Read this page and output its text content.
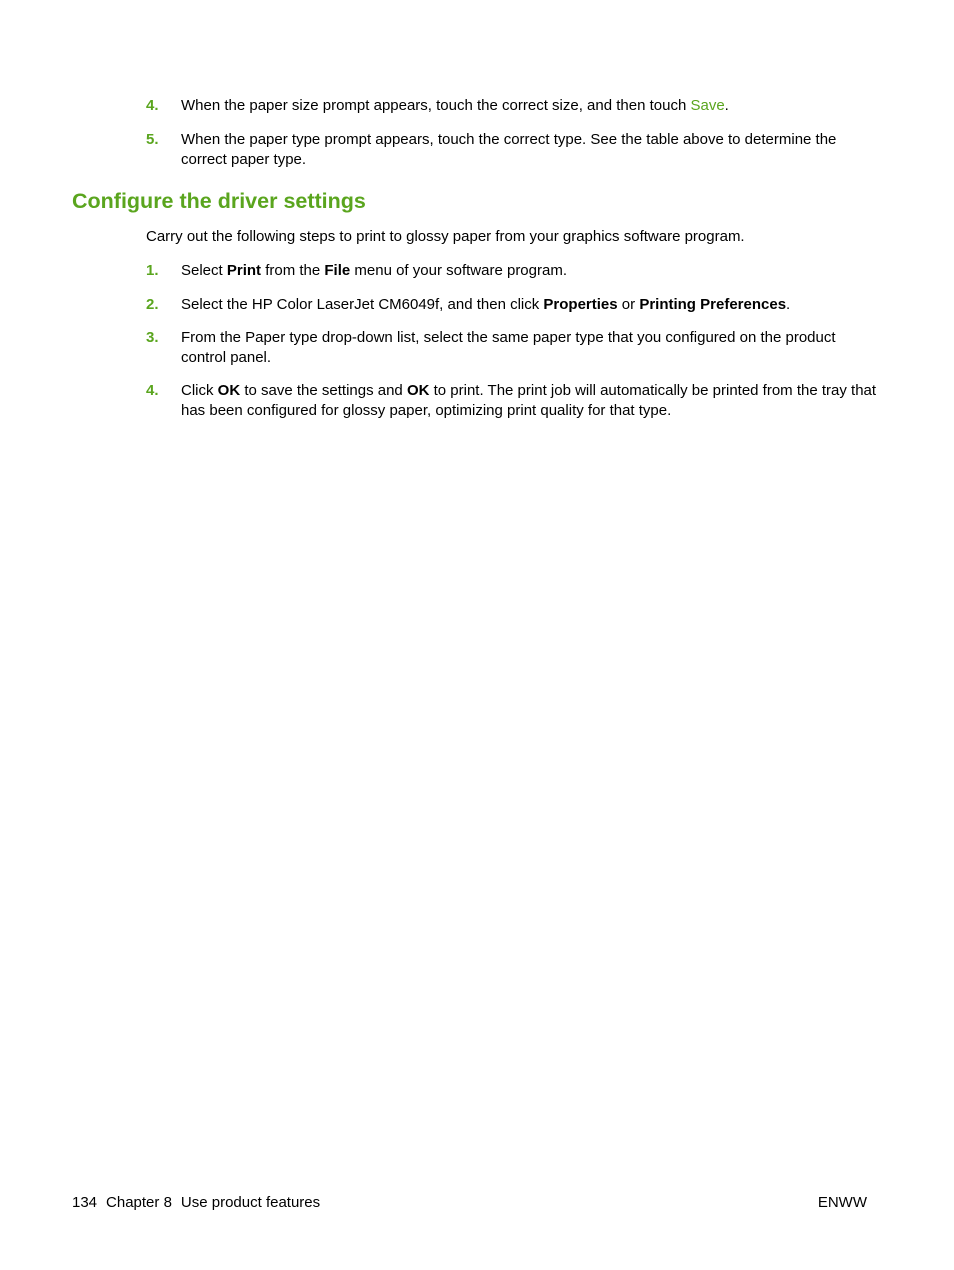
4. When the paper size prompt appears, touch the correct size, and then touch Save.
5. When the paper type prompt appears, touch the correct type. See the table above to determine the correct paper type.
Configure the driver settings
Carry out the following steps to print to glossy paper from your graphics software program.
1. Select Print from the File menu of your software program.
2. Select the HP Color LaserJet CM6049f, and then click Properties or Printing Preferences.
3. From the Paper type drop-down list, select the same paper type that you configured on the product control panel.
4. Click OK to save the settings and OK to print. The print job will automatically be printed from the tray that has been configured for glossy paper, optimizing print quality for that type.
134 Chapter 8 Use product features	ENWW
